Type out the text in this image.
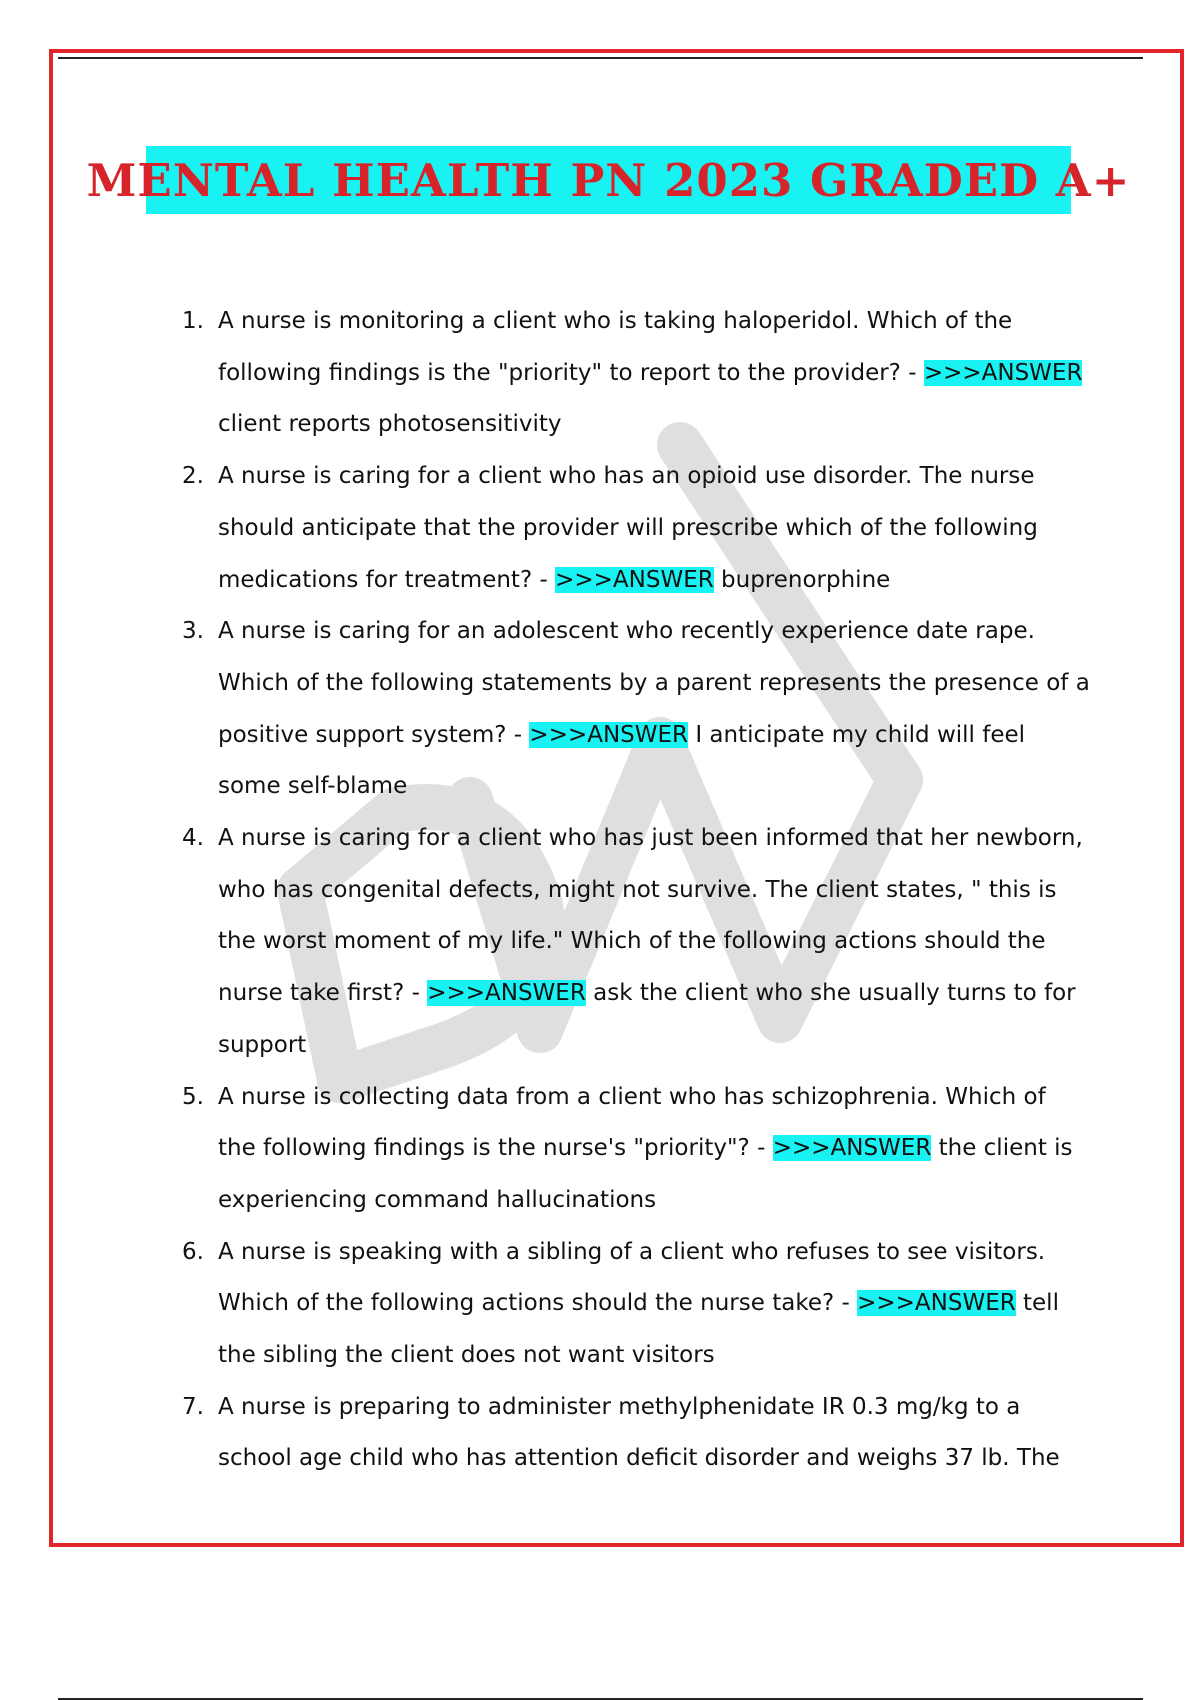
MENTAL HEALTH PN 2023 GRADED A+
1. A nurse is monitoring a client who is taking haloperidol. Which of the following findings is the "priority" to report to the provider? - >>>ANSWER client reports photosensitivity
2. A nurse is caring for a client who has an opioid use disorder. The nurse should anticipate that the provider will prescribe which of the following medications for treatment? - >>>ANSWER buprenorphine
3. A nurse is caring for an adolescent who recently experience date rape. Which of the following statements by a parent represents the presence of a positive support system? - >>>ANSWER I anticipate my child will feel some self-blame
4. A nurse is caring for a client who has just been informed that her newborn, who has congenital defects, might not survive. The client states, " this is the worst moment of my life." Which of the following actions should the nurse take first? - >>>ANSWER ask the client who she usually turns to for support
5. A nurse is collecting data from a client who has schizophrenia. Which of the following findings is the nurse's "priority"? - >>>ANSWER the client is experiencing command hallucinations
6. A nurse is speaking with a sibling of a client who refuses to see visitors. Which of the following actions should the nurse take? - >>>ANSWER tell the sibling the client does not want visitors
7. A nurse is preparing to administer methylphenidate IR 0.3 mg/kg to a school age child who has attention deficit disorder and weighs 37 lb. The
